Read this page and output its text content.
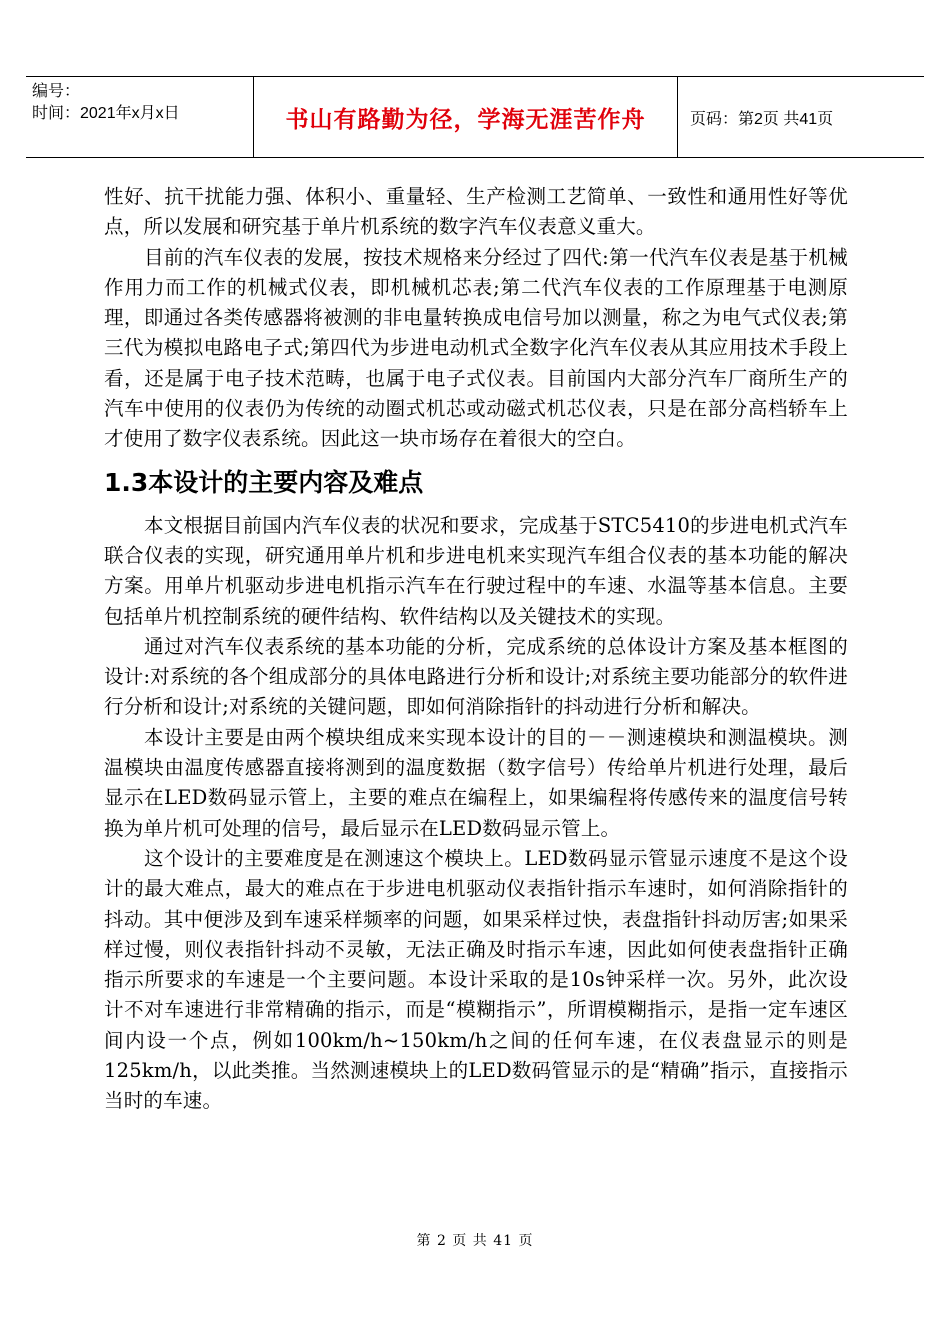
编号：
时间：2021年x月x日	书山有路勤为径，学海无涯苦作舟	页码：第2页 共41页

性好、抗干扰能力强、体积小、重量轻、生产检测工艺简单、一致性和通用性好等优点，所以发展和研究基于单片机系统的数字汽车仪表意义重大。

目前的汽车仪表的发展，按技术规格来分经过了四代:第一代汽车仪表是基于机械作用力而工作的机械式仪表，即机械机芯表;第二代汽车仪表的工作原理基于电测原理，即通过各类传感器将被测的非电量转换成电信号加以测量，称之为电气式仪表;第三代为模拟电路电子式;第四代为步进电动机式全数字化汽车仪表从其应用技术手段上看，还是属于电子技术范畴，也属于电子式仪表。目前国内大部分汽车厂商所生产的汽车中使用的仪表仍为传统的动圈式机芯或动磁式机芯仪表，只是在部分高档轿车上才使用了数字仪表系统。因此这一块市场存在着很大的空白。

1.3本设计的主要内容及难点

本文根据目前国内汽车仪表的状况和要求，完成基于STC5410的步进电机式汽车联合仪表的实现，研究通用单片机和步进电机来实现汽车组合仪表的基本功能的解决方案。用单片机驱动步进电机指示汽车在行驶过程中的车速、水温等基本信息。主要包括单片机控制系统的硬件结构、软件结构以及关键技术的实现。

通过对汽车仪表系统的基本功能的分析，完成系统的总体设计方案及基本框图的设计:对系统的各个组成部分的具体电路进行分析和设计;对系统主要功能部分的软件进行分析和设计;对系统的关键问题，即如何消除指针的抖动进行分析和解决。

本设计主要是由两个模块组成来实现本设计的目的－－测速模块和测温模块。测温模块由温度传感器直接将测到的温度数据（数字信号）传给单片机进行处理，最后显示在LED数码显示管上，主要的难点在编程上，如果编程将传感传来的温度信号转换为单片机可处理的信号，最后显示在LED数码显示管上。

这个设计的主要难度是在测速这个模块上。LED数码显示管显示速度不是这个设计的最大难点，最大的难点在于步进电机驱动仪表指针指示车速时，如何消除指针的抖动。其中便涉及到车速采样频率的问题，如果采样过快，表盘指针抖动厉害;如果采样过慢，则仪表指针抖动不灵敏，无法正确及时指示车速，因此如何使表盘指针正确指示所要求的车速是一个主要问题。本设计采取的是10s钟采样一次。另外，此次设计不对车速进行非常精确的指示，而是“模糊指示”，所谓模糊指示，是指一定车速区间内设一个点，例如100km/h~150km/h之间的任何车速，在仪表盘显示的则是125km/h，以此类推。当然测速模块上的LED数码管显示的是“精确”指示，直接指示当时的车速。

第 2 页 共 41 页
